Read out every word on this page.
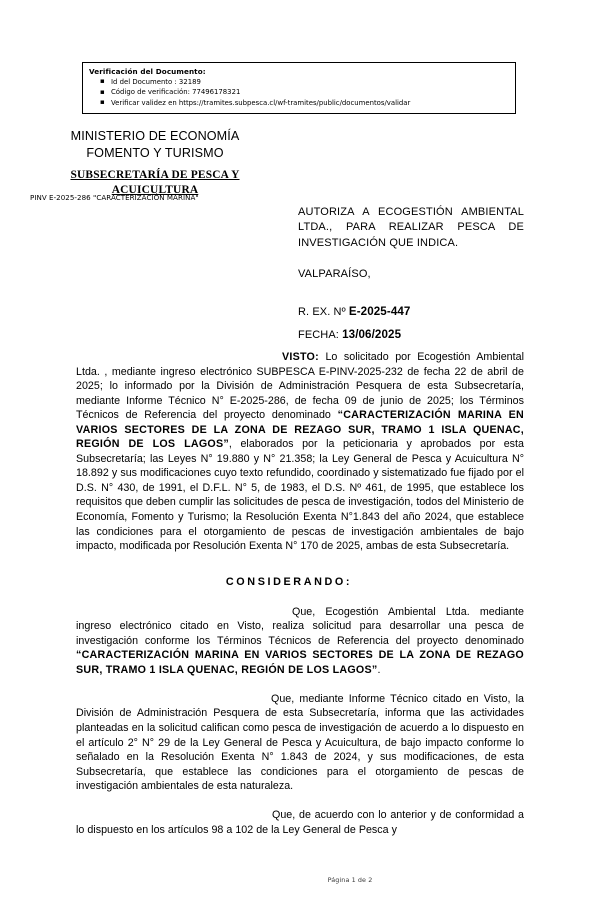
Verificación del Documento:
▪ Id del Documento : 32189
▪ Código de verificación: 77496178321
▪ Verificar validez en https://tramites.subpesca.cl/wf-tramites/public/documentos/validar
MINISTERIO DE ECONOMÍA
FOMENTO Y TURISMO
SUBSECRETARÍA DE PESCA Y
ACUICULTURA
PINV E-2025-286 "CARACTERIZACIÓN MARINA"
AUTORIZA A ECOGESTIÓN AMBIENTAL LTDA., PARA REALIZAR PESCA DE INVESTIGACIÓN QUE INDICA.
VALPARAÍSO,
R. EX. Nº E-2025-447
FECHA: 13/06/2025

VISTO: Lo solicitado por Ecogestión Ambiental Ltda. , mediante ingreso electrónico SUBPESCA E-PINV-2025-232 de fecha 22 de abril de 2025; lo informado por la División de Administración Pesquera de esta Subsecretaría, mediante Informe Técnico N° E-2025-286, de fecha 09 de junio de 2025; los Términos Técnicos de Referencia del proyecto denominado “CARACTERIZACIÓN MARINA EN VARIOS SECTORES DE LA ZONA DE REZAGO SUR, TRAMO 1 ISLA QUENAC, REGIÓN DE LOS LAGOS”, elaborados por la peticionaria y aprobados por esta Subsecretaría; las Leyes N° 19.880 y N° 21.358; la Ley General de Pesca y Acuicultura N° 18.892 y sus modificaciones cuyo texto refundido, coordinado y sistematizado fue fijado por el D.S. N° 430, de 1991, el D.F.L. N° 5, de 1983, el D.S. Nº 461, de 1995, que establece los requisitos que deben cumplir las solicitudes de pesca de investigación, todos del Ministerio de Economía, Fomento y Turismo; la Resolución Exenta N°1.843 del año 2024, que establece las condiciones para el otorgamiento de pescas de investigación ambientales de bajo impacto, modificada por Resolución Exenta N° 170 de 2025, ambas de esta Subsecretaría.

CONSIDERANDO:

Que, Ecogestión Ambiental Ltda. mediante ingreso electrónico citado en Visto, realiza solicitud para desarrollar una pesca de investigación conforme los Términos Técnicos de Referencia del proyecto denominado “CARACTERIZACIÓN MARINA EN VARIOS SECTORES DE LA ZONA DE REZAGO SUR, TRAMO 1 ISLA QUENAC, REGIÓN DE LOS LAGOS”.

Que, mediante Informe Técnico citado en Visto, la División de Administración Pesquera de esta Subsecretaría, informa que las actividades planteadas en la solicitud califican como pesca de investigación de acuerdo a lo dispuesto en el artículo 2° N° 29 de la Ley General de Pesca y Acuicultura, de bajo impacto conforme lo señalado en la Resolución Exenta N° 1.843 de 2024, y sus modificaciones, de esta Subsecretaría, que establece las condiciones para el otorgamiento de pescas de investigación ambientales de esta naturaleza.

Que, de acuerdo con lo anterior y de conformidad a lo dispuesto en los artículos 98 a 102 de la Ley General de Pesca y

Página 1 de 2
